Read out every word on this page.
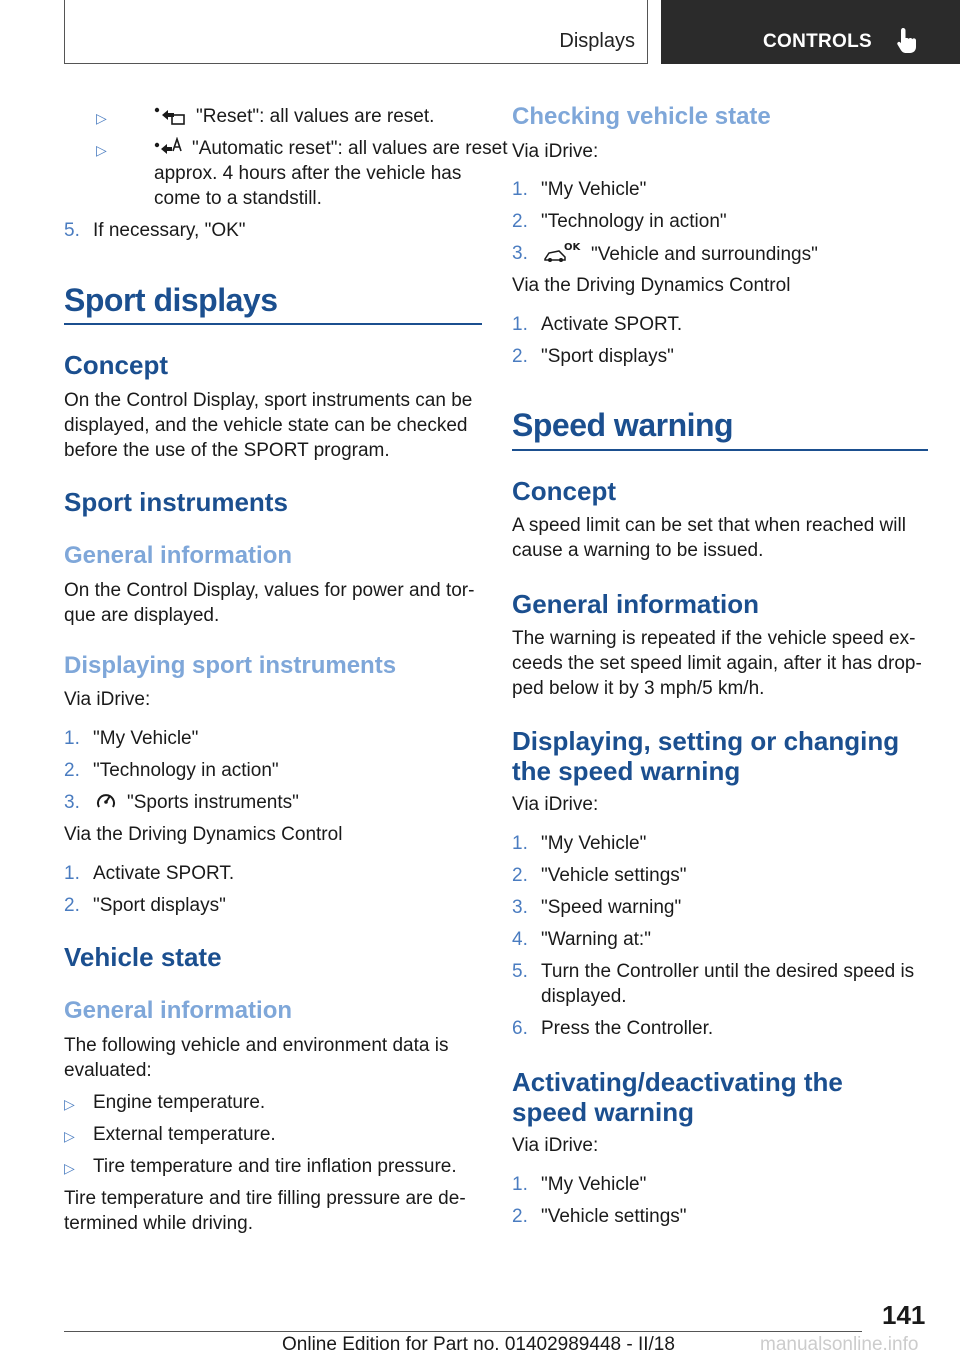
Displays	CONTROLS
▷	"Reset": all values are reset.
▷	"Automatic reset": all values are reset
approx. 4 hours after the vehicle has
come to a standstill.
5. If necessary, "OK"
Sport displays
Concept
On the Control Display, sport instruments can be
displayed, and the vehicle state can be checked
before the use of the SPORT program.
Sport instruments
General information
On the Control Display, values for power and tor-
que are displayed.
Displaying sport instruments
Via iDrive:
1. "My Vehicle"
2. "Technology in action"
3.	"Sports instruments"
Via the Driving Dynamics Control
1. Activate SPORT.
2. "Sport displays"
Vehicle state
General information
The following vehicle and environment data is
evaluated:
▷ Engine temperature.
▷ External temperature.
▷ Tire temperature and tire inflation pressure.
Tire temperature and tire filling pressure are de-
termined while driving.
Checking vehicle state
Via iDrive:
1. "My Vehicle"
2. "Technology in action"
3.	OK "Vehicle and surroundings"
Via the Driving Dynamics Control
1. Activate SPORT.
2. "Sport displays"
Speed warning
Concept
A speed limit can be set that when reached will
cause a warning to be issued.
General information
The warning is repeated if the vehicle speed ex-
ceeds the set speed limit again, after it has drop-
ped below it by 3 mph/5 km/h.
Displaying, setting or changing
the speed warning
Via iDrive:
1. "My Vehicle"
2. "Vehicle settings"
3. "Speed warning"
4. "Warning at:"
5. Turn the Controller until the desired speed is
displayed.
6. Press the Controller.
Activating/deactivating the
speed warning
Via iDrive:
1. "My Vehicle"
2. "Vehicle settings"
141
Online Edition for Part no. 01402989448 - II/18	manualsonline.info
